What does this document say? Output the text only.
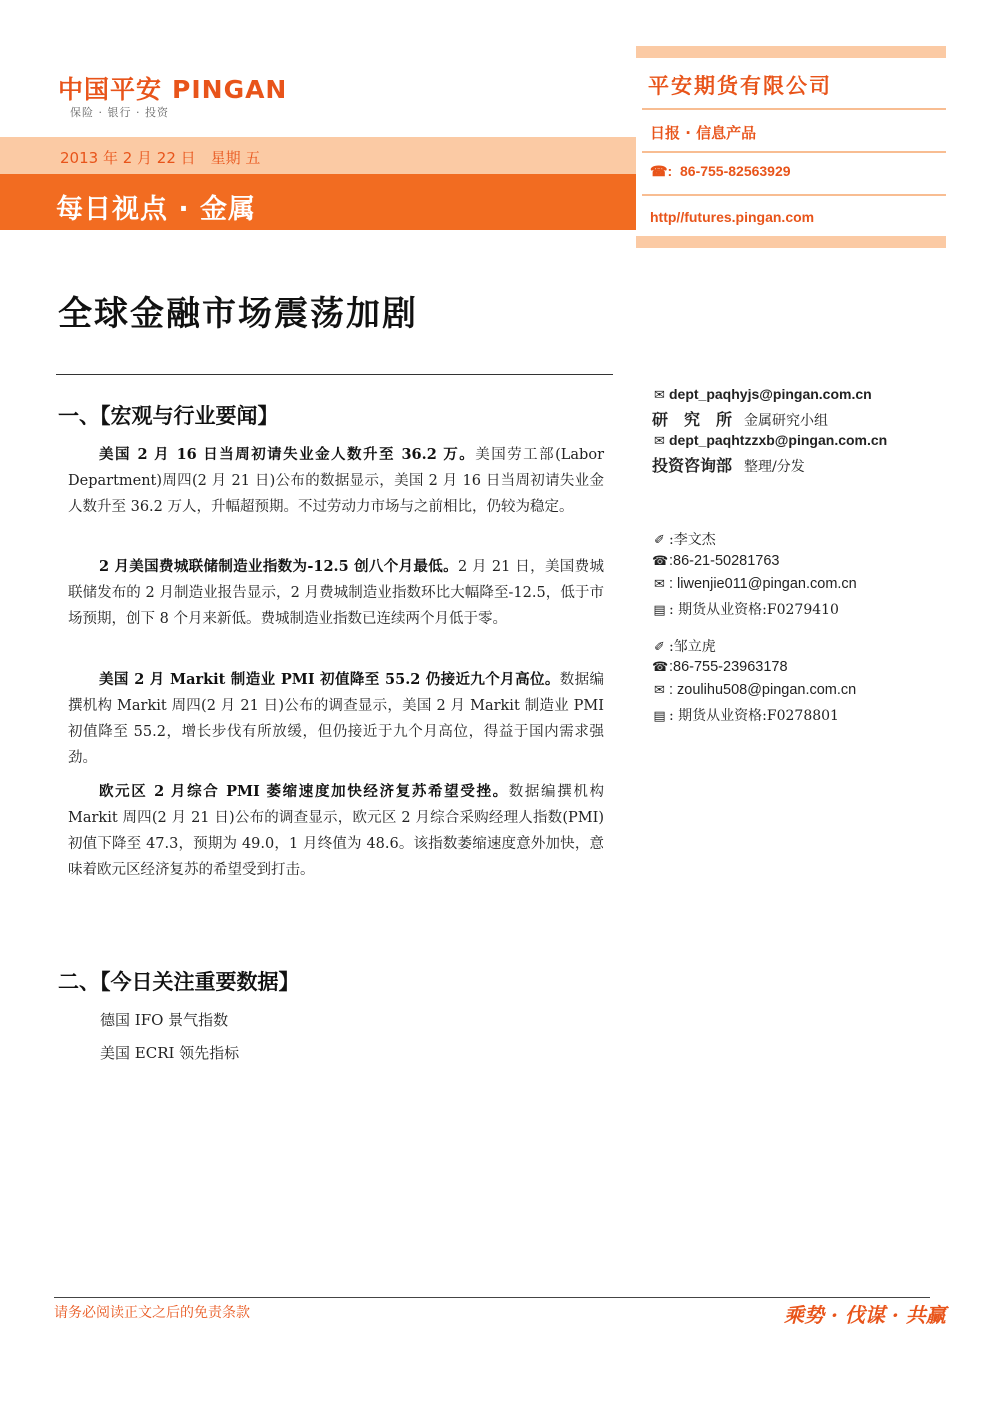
中国平安 PINGAN
保险 · 银行 · 投资
2013 年 2 月 22 日　星期 五
每日视点 · 金属
平安期货有限公司
日报 · 信息产品
☎: 86-755-82563929
http//futures.pingan.com
全球金融市场震荡加剧
一、【宏观与行业要闻】
美国 2 月 16 日当周初请失业金人数升至 36.2 万。美国劳工部(Labor Department)周四(2 月 21 日)公布的数据显示，美国 2 月 16 日当周初请失业金人数升至 36.2 万人，升幅超预期。不过劳动力市场与之前相比，仍较为稳定。
2 月美国费城联储制造业指数为-12.5 创八个月最低。2 月 21 日，美国费城联储发布的 2 月制造业报告显示，2 月费城制造业指数环比大幅降至-12.5，低于市场预期，创下 8 个月来新低。费城制造业指数已连续两个月低于零。
美国 2 月 Markit 制造业 PMI 初值降至 55.2 仍接近九个月高位。数据编撰机构 Markit 周四(2 月 21 日)公布的调查显示，美国 2 月 Markit 制造业 PMI 初值降至 55.2，增长步伐有所放缓，但仍接近于九个月高位，得益于国内需求强劲。
欧元区 2 月综合 PMI 萎缩速度加快经济复苏希望受挫。数据编撰机构 Markit 周四(2 月 21 日)公布的调查显示，欧元区 2 月综合采购经理人指数(PMI)初值下降至 47.3，预期为 49.0，1 月终值为 48.6。该指数萎缩速度意外加快，意味着欧元区经济复苏的希望受到打击。
二、【今日关注重要数据】
德国 IFO 景气指数
美国 ECRI 领先指标
✉ dept_paqhyjs@pingan.com.cn
研　究　所 金属研究小组
✉ dept_paqhtzzxb@pingan.com.cn
投资咨询部 整理/分发
✐ :李文杰
☎:86-21-50281763
✉ : liwenjie011@pingan.com.cn
▤ : 期货从业资格:F0279410
✐ :邹立虎
☎:86-755-23963178
✉ : zoulihu508@pingan.com.cn
▤ : 期货从业资格:F0278801
请务必阅读正文之后的免责条款	乘势 · 伐谋 · 共赢
